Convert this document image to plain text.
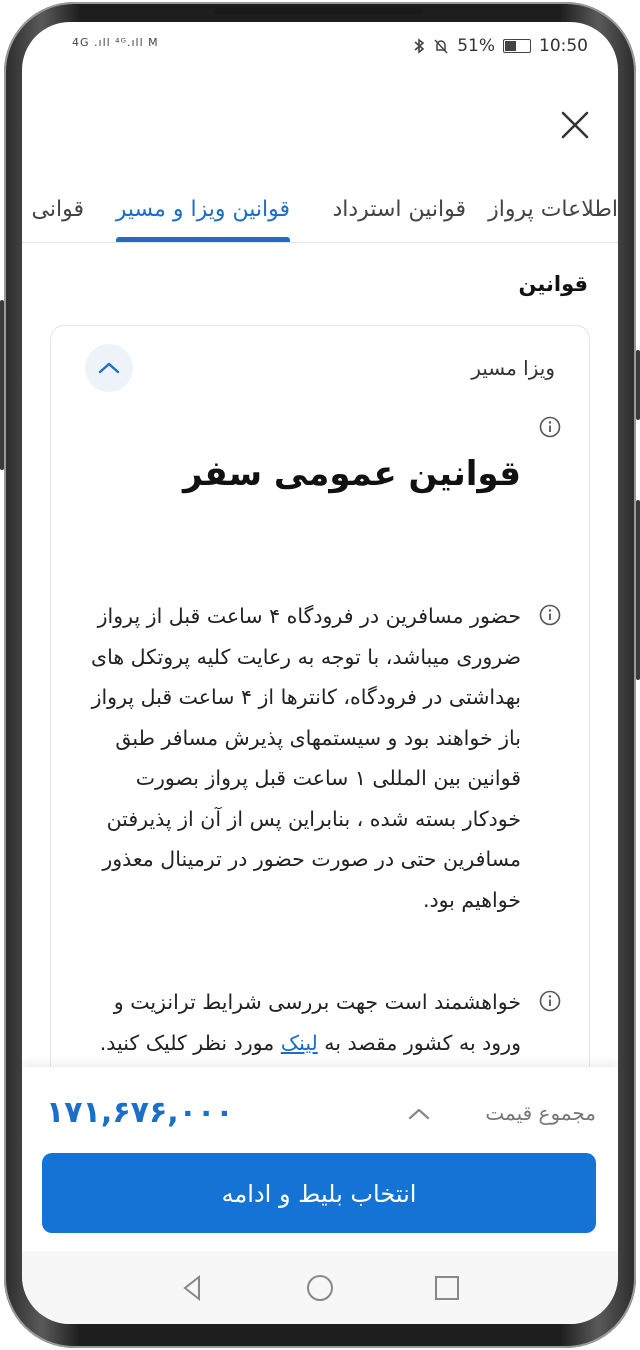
4G .ıll ⁴ᴳ.ıll M	51%	10:50
اطلاعات پرواز
قوانین استرداد
قوانین ویزا و مسیر
قوانی
قوانین
ویزا مسیر
قوانین عمومی سفر
حضور مسافرین در فرودگاه ۴ ساعت قبل از پرواز ضروری میباشد، با توجه به رعایت کلیه پروتکل های بهداشتی در فرودگاه، کانترها از ۴ ساعت قبل پرواز باز خواهند بود و سیستمهای پذیرش مسافر طبق قوانین بین المللی ۱ ساعت قبل پرواز بصورت خودکار بسته شده ، بنابراین پس از آن از پذیرفتن مسافرین حتی در صورت حضور در ترمینال معذور خواهیم بود.
خواهشمند است جهت بررسی شرایط ترانزیت و ورود به کشور مقصد به لینک مورد نظر کلیک کنید.
مجموع قیمت
۱۷۱,۶۷۶,۰۰۰
انتخاب بلیط و ادامه
